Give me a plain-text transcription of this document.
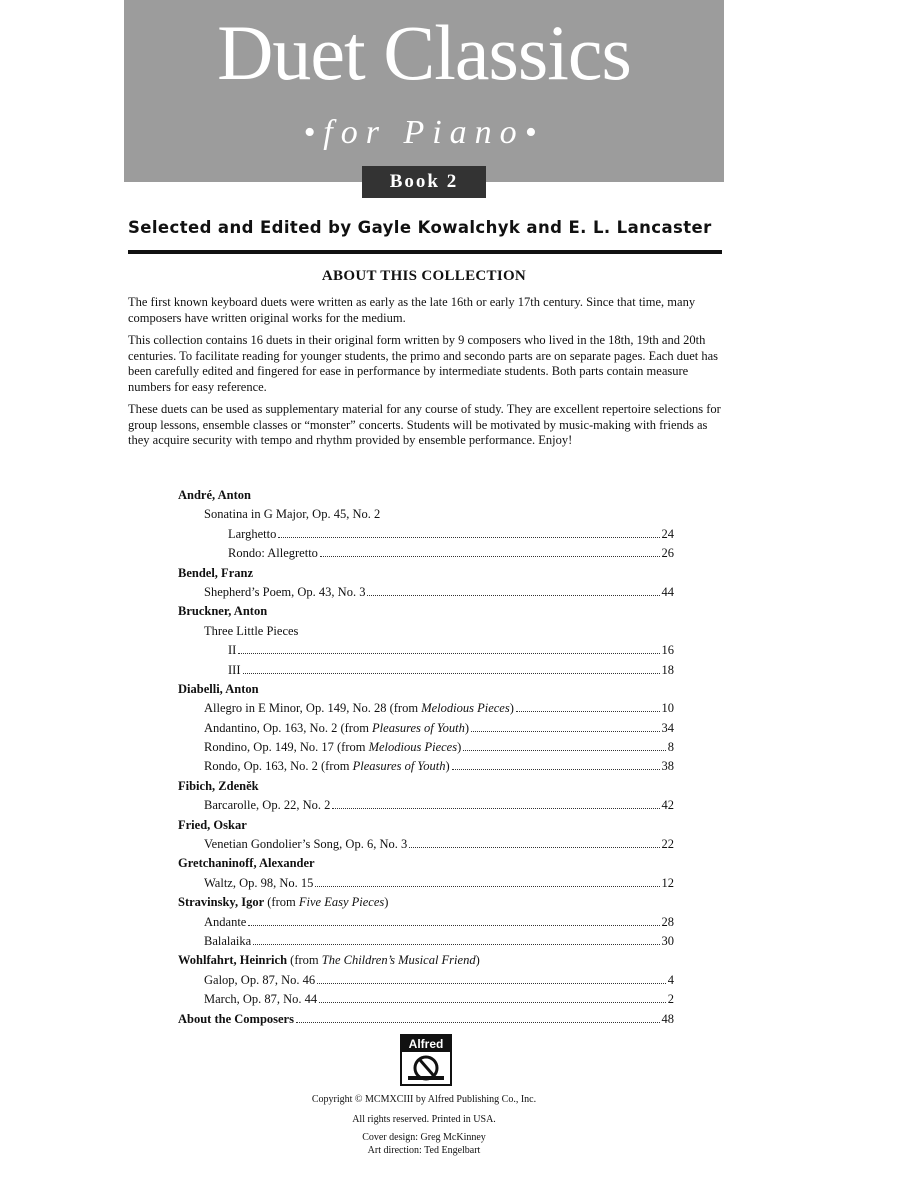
Duet Classics
•for Piano•
Book 2
Selected and Edited by Gayle Kowalchyk and E. L. Lancaster
ABOUT THIS COLLECTION

The first known keyboard duets were written as early as the late 16th or early 17th century. Since that time, many composers have written original works for the medium.

This collection contains 16 duets in their original form written by 9 composers who lived in the 18th, 19th and 20th centuries. To facilitate reading for younger students, the primo and secondo parts are on separate pages. Each duet has been carefully edited and fingered for ease in performance by intermediate students. Both parts contain measure numbers for easy reference.

These duets can be used as supplementary material for any course of study. They are excellent repertoire selections for group lessons, ensemble classes or “monster” concerts. Students will be motivated by music-making with friends as they acquire security with tempo and rhythm provided by ensemble performance. Enjoy!

André, Anton
Sonatina in G Major, Op. 45, No. 2
Larghetto	24
Rondo: Allegretto	26
Bendel, Franz
Shepherd’s Poem, Op. 43, No. 3	44
Bruckner, Anton
Three Little Pieces
II	16
III	18
Diabelli, Anton
Allegro in E Minor, Op. 149, No. 28 (from
Melodious Pieces )	10
Andantino, Op. 163, No. 2 (from
Pleasures of Youth )	34
Rondino, Op. 149, No. 17 (from
Melodious Pieces )	8
Rondo, Op. 163, No. 2 (from
Pleasures of Youth )	38
Fibich, Zdeněk
Barcarolle, Op. 22, No. 2	42
Fried, Oskar
Venetian Gondolier’s Song, Op. 6, No. 3	22
Gretchaninoff, Alexander
Waltz, Op. 98, No. 15	12
Stravinsky, Igor
(from
Five Easy Pieces )
Andante	28
Balalaika	30
Wohlfahrt, Heinrich
(from
The Children’s Musical Friend )
Galop, Op. 87, No. 46	4
March, Op. 87, No. 44	2
About the Composers	48
Alfred
Copyright © MCMXCIII by Alfred Publishing Co., Inc.
All rights reserved. Printed in USA.
Cover design: Greg McKinney
Art direction: Ted Engelbart
